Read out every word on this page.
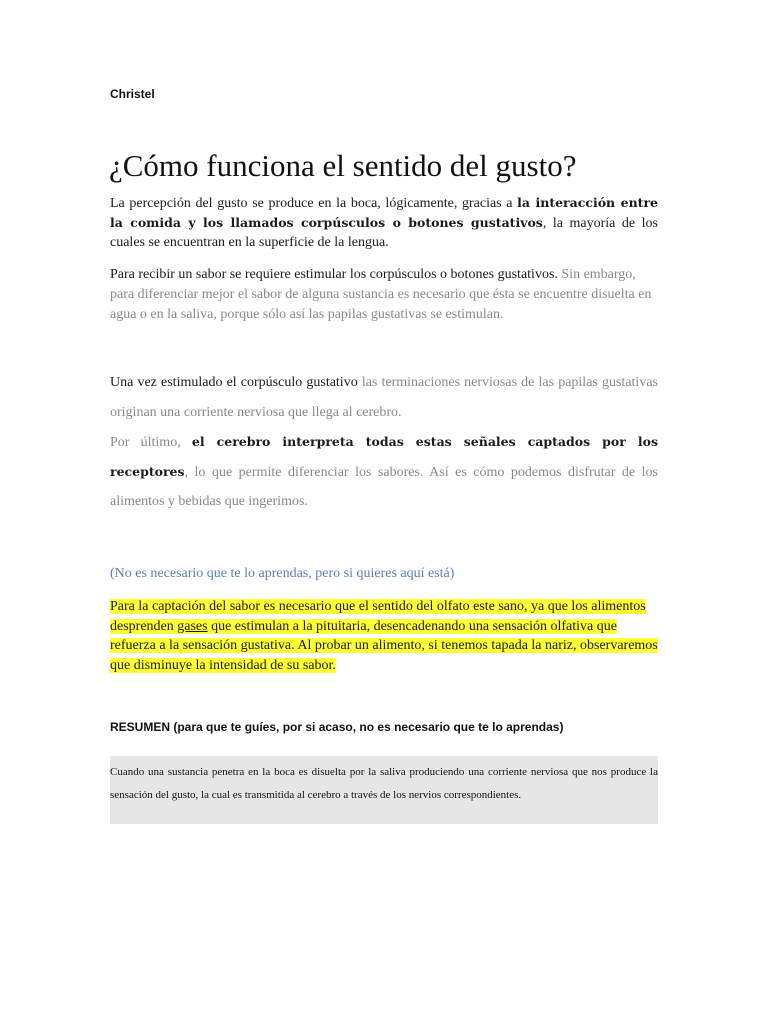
Christel
¿Cómo funciona el sentido del gusto?

La percepción del gusto se produce en la boca, lógicamente, gracias a la interacción entre la comida y los llamados corpúsculos o botones gustativos, la mayoría de los cuales se encuentran en la superficie de la lengua.

Para recibir un sabor se requiere estimular los corpúsculos o botones gustativos. Sin embargo, para diferenciar mejor el sabor de alguna sustancia es necesario que ésta se encuentre disuelta en agua o en la saliva, porque sólo así las papilas gustativas se estimulan.

Una vez estimulado el corpúsculo gustativo las terminaciones nerviosas de las papilas gustativas originan una corriente nerviosa que llega al cerebro.

Por último, el cerebro interpreta todas estas señales captados por los receptores, lo que permite diferenciar los sabores. Así es cómo podemos disfrutar de los alimentos y bebidas que ingerimos.

(No es necesario que te lo aprendas, pero si quieres aquí está)

Para la captación del sabor es necesario que el sentido del olfato este sano, ya que los alimentos desprenden gases que estimulan a la pituitaria, desencadenando una sensación olfativa que refuerza a la sensación gustativa. Al probar un alimento, si tenemos tapada la nariz, observaremos que disminuye la intensidad de su sabor.

RESUMEN (para que te guíes, por si acaso, no es necesario que te lo aprendas)

Cuando una sustancia penetra en la boca es disuelta por la saliva produciendo una corriente nerviosa que nos produce la sensación del gusto, la cual es transmitida al cerebro a través de los nervios correspondientes.
